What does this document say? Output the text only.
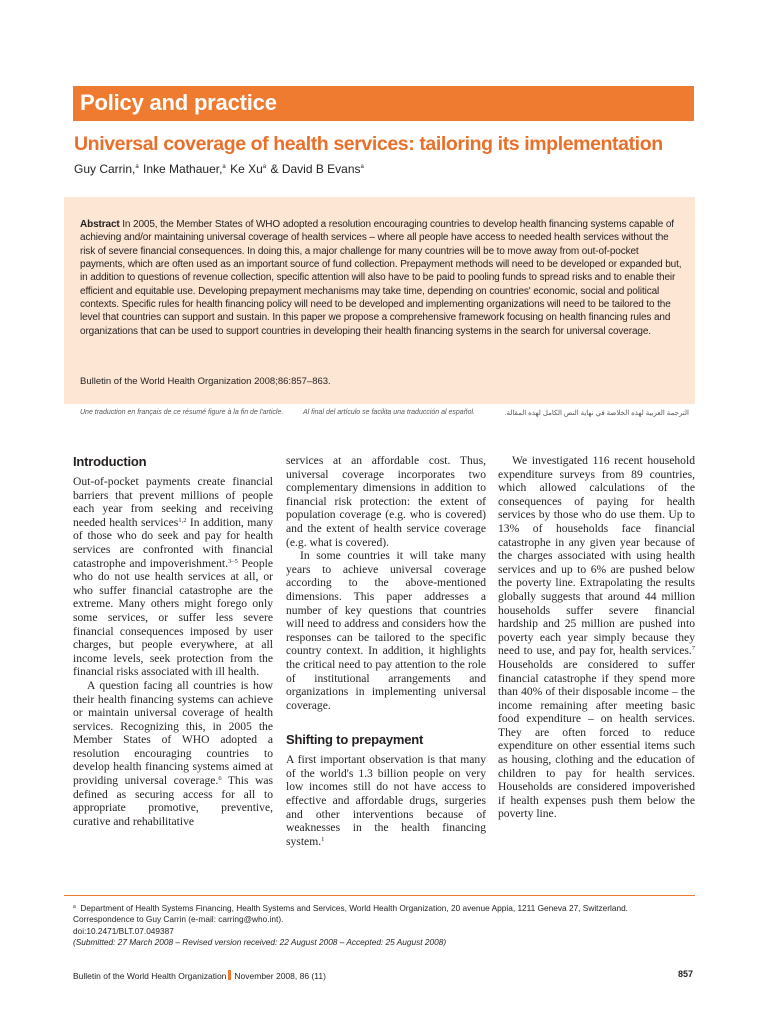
Policy and practice
Universal coverage of health services: tailoring its implementation
Guy Carrin,$^a$ Inke Mathauer,$^a$ Ke Xu$^a$ & David B Evans$^a$
Abstract In 2005, the Member States of WHO adopted a resolution encouraging countries to develop health financing systems capable of achieving and/or maintaining universal coverage of health services – where all people have access to needed health services without the risk of severe financial consequences. In doing this, a major challenge for many countries will be to move away from out-of-pocket payments, which are often used as an important source of fund collection. Prepayment methods will need to be developed or expanded but, in addition to questions of revenue collection, specific attention will also have to be paid to pooling funds to spread risks and to enable their efficient and equitable use. Developing prepayment mechanisms may take time, depending on countries' economic, social and political contexts. Specific rules for health financing policy will need to be developed and implementing organizations will need to be tailored to the level that countries can support and sustain. In this paper we propose a comprehensive framework focusing on health financing rules and organizations that can be used to support countries in developing their health financing systems in the search for universal coverage.
Bulletin of the World Health Organization 2008;86:857–863.
Une traduction en français de ce résumé figure à la fin de l'article.	Al final del artículo se facilita una traducción al español.	الترجمة العربية لهذه الخلاصة في نهاية النص الكامل لهذه المقالة.
Introduction

Out-of-pocket payments create financial barriers that prevent millions of people each year from seeking and receiving needed health services$^{1,2}$ In addition, many of those who do seek and pay for health services are confronted with financial catastrophe and impoverishment.$^{3-5}$ People who do not use health services at all, or who suffer financial catastrophe are the extreme. Many others might forego only some services, or suffer less severe financial consequences imposed by user charges, but people everywhere, at all income levels, seek protection from the financial risks associated with ill health.

A question facing all countries is how their health financing systems can achieve or maintain universal coverage of health services. Recognizing this, in 2005 the Member States of WHO adopted a resolution encouraging countries to develop health financing systems aimed at providing universal coverage.$^6$ This was defined as securing access for all to appropriate promotive, preventive, curative and rehabilitative

services at an affordable cost. Thus, universal coverage incorporates two complementary dimensions in addition to financial risk protection: the extent of population coverage (e.g. who is covered) and the extent of health service coverage (e.g. what is covered).

In some countries it will take many years to achieve universal coverage according to the above-mentioned dimensions. This paper addresses a number of key questions that countries will need to address and considers how the responses can be tailored to the specific country context. In addition, it highlights the critical need to pay attention to the role of institutional arrangements and organizations in implementing universal coverage.

Shifting to prepayment

A first important observation is that many of the world's 1.3 billion people on very low incomes still do not have access to effective and affordable drugs, surgeries and other interventions because of weaknesses in the health financing system.$^1$

We investigated 116 recent household expenditure surveys from 89 countries, which allowed calculations of the consequences of paying for health services by those who do use them. Up to 13% of households face financial catastrophe in any given year because of the charges associated with using health services and up to 6% are pushed below the poverty line. Extrapolating the results globally suggests that around 44 million households suffer severe financial hardship and 25 million are pushed into poverty each year simply because they need to use, and pay for, health services.$^7$ Households are considered to suffer financial catastrophe if they spend more than 40% of their disposable income – the income remaining after meeting basic food expenditure – on health services. They are often forced to reduce expenditure on other essential items such as housing, clothing and the education of children to pay for health services. Households are considered impoverished if health expenses push them below the poverty line.

$^a$ Department of Health Systems Financing, Health Systems and Services, World Health Organization, 20 avenue Appia, 1211 Geneva 27, Switzerland.
Correspondence to Guy Carrin (e-mail: carring@who.int).
doi:10.2471/BLT.07.049387
(Submitted: 27 March 2008 – Revised version received: 22 August 2008 – Accepted: 25 August 2008)
Bulletin of the World Health Organization November 2008, 86 (11)	857
